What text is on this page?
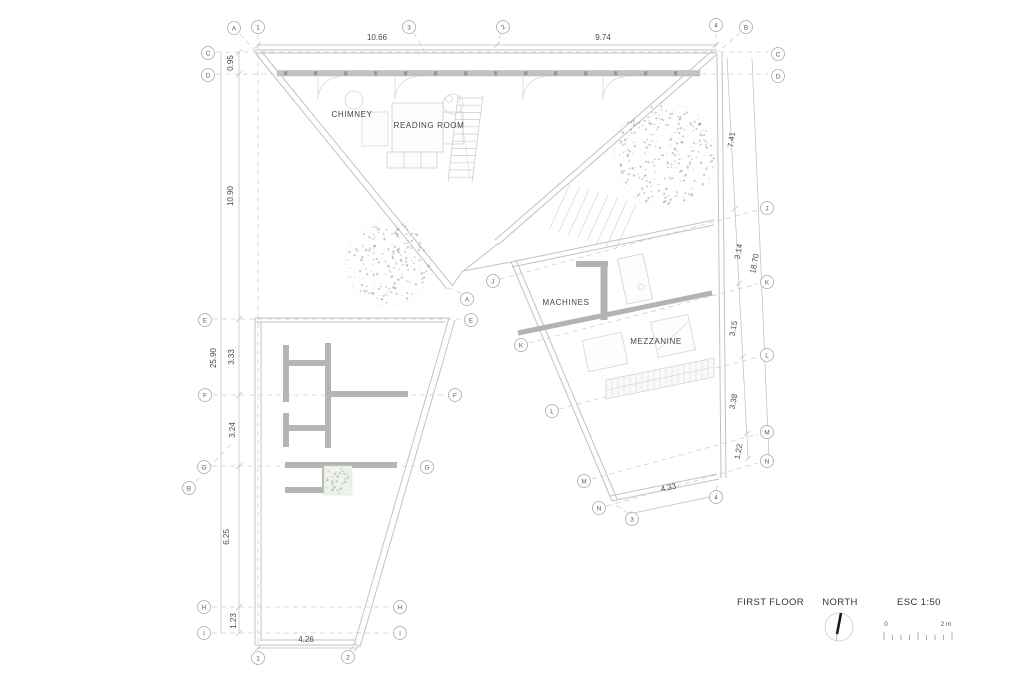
CHIMNEY
READING ROOM
MACHINES
MEZZANINE
10.66	9.74
0.95
10.90
25.90 3.33
3.24
6.25
1.23
4.26
7.41
3.14
18.70
3.15
3.38
1.22
4.33
A	1	3	2	4	B
C
D
E
F
G
B
H
I
C
D
J
K
L
M
N
1	2
A
E
J
K
L
M
N
F
G
H
I
3
4
FIRST FLOOR NORTH	ESC 1:50
0	2 m
